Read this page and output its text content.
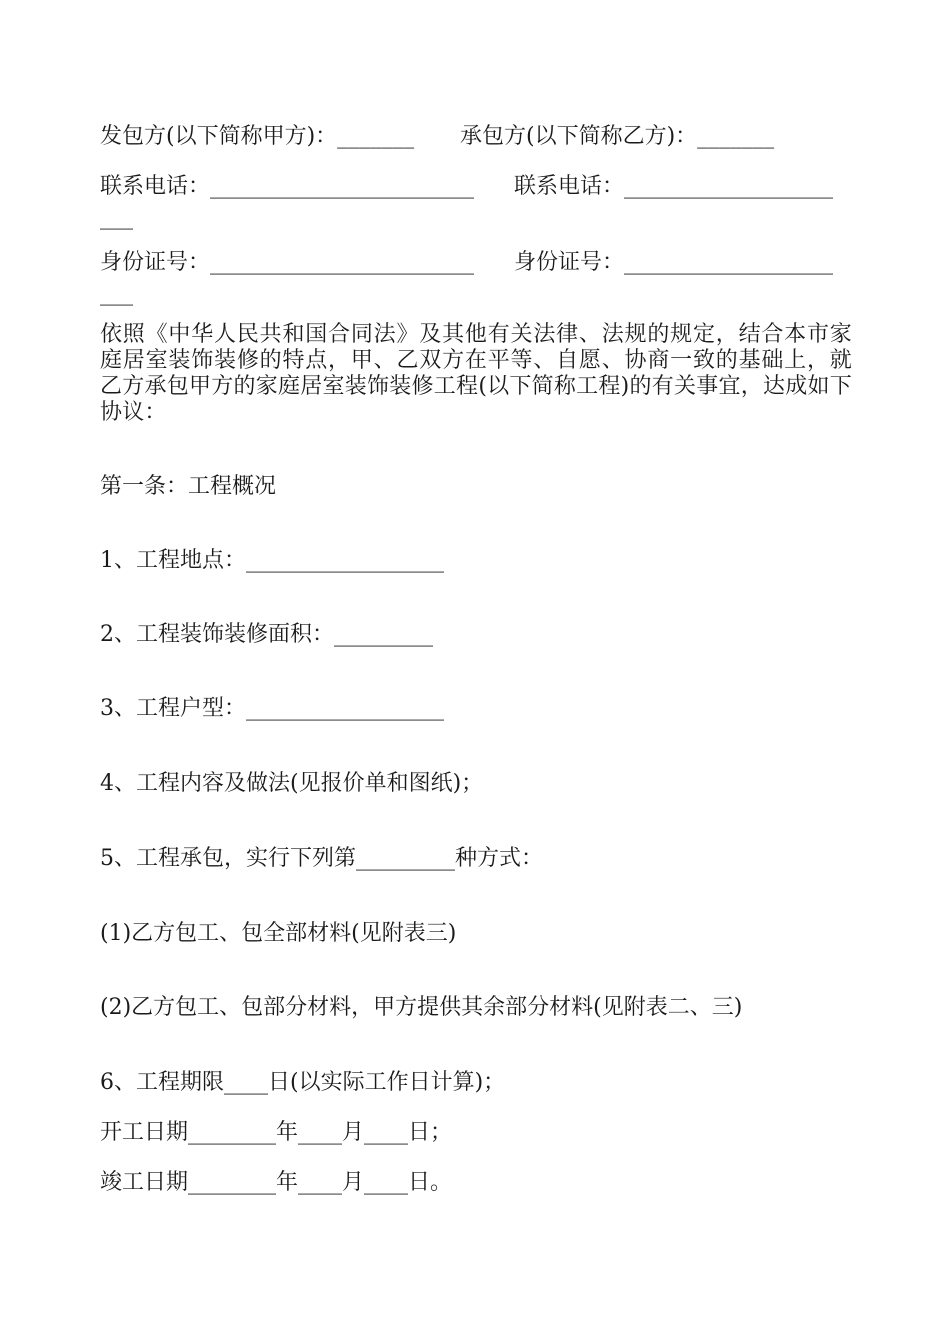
发包方(以下简称甲方)：_______ 承包方(以下简称乙方)：_______
联系电话：________________________ 联系电话：___________________
___
身份证号：________________________ 身份证号：___________________
___
依照《中华人民共和国合同法》及其他有关法律、法规的规定，结合本市家庭居室装饰装修的特点，甲、乙双方在平等、自愿、协商一致的基础上，就乙方承包甲方的家庭居室装饰装修工程(以下简称工程)的有关事宜，达成如下协议：
第一条：工程概况
1、工程地点：__________________
2、工程装饰装修面积：_________
3、工程户型：__________________
4、工程内容及做法(见报价单和图纸)；
5、工程承包，实行下列第_________种方式：
(1)乙方包工、包全部材料(见附表三)
(2)乙方包工、包部分材料，甲方提供其余部分材料(见附表二、三)
6、工程期限____日(以实际工作日计算)；
开工日期________年____月____日；
竣工日期________年____月____日。
